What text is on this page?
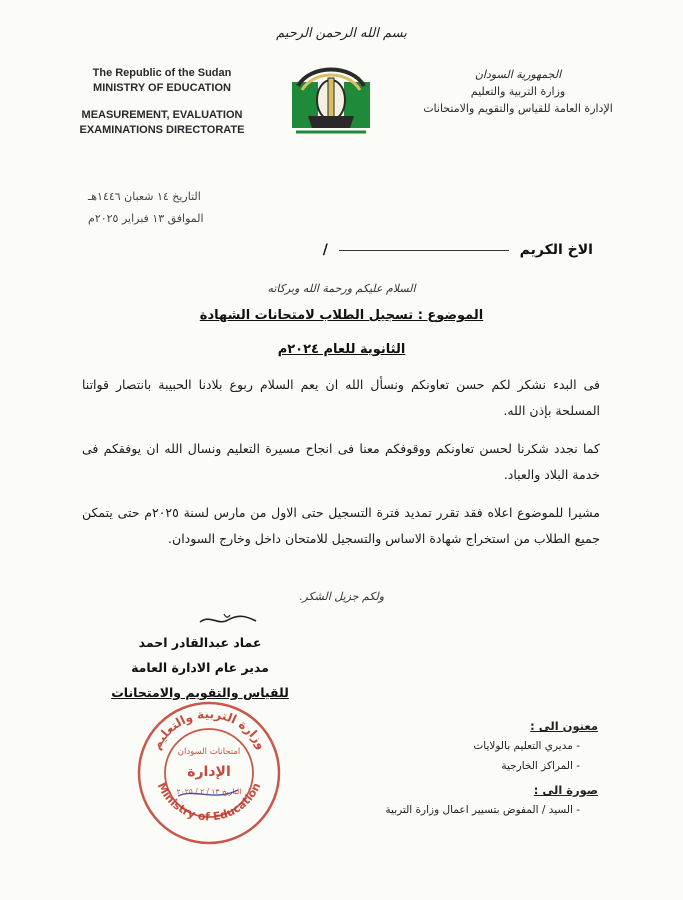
بسم الله الرحمن الرحيم
The Republic of the Sudan
MINISTRY OF EDUCATION
MEASUREMENT, EVALUATION
EXAMINATIONS DIRECTORATE
الجمهورية السودان
وزارة التربية والتعليم
الإدارة العامة للقياس والتقويم والامتحانات
التاريخ ١٤ شعبان ١٤٤٦هـ
الموافق ١٣ فبراير ٢٠٢٥م
الاخ الكريم  /
السلام عليكم ورحمة الله وبركاته
الموضوع : تسجيل الطلاب لامتحانات الشهادة
الثانوية للعام ٢٠٢٤م
فى البدء نشكر لكم حسن تعاونكم ونسأل الله ان يعم السلام ربوع بلادنا الحبيبة بانتصار قواتنا المسلحة بإذن الله.
كما نجدد شكرنا لحسن تعاونكم ووقوفكم معنا فى انجاح مسيرة التعليم ونسال الله ان يوفقكم فى خدمة البلاد والعباد.
مشيرا للموضوع اعلاه فقد تقرر تمديد فترة التسجيل حتى الاول من مارس لسنة ٢٠٢٥م حتى يتمكن جميع الطلاب من استخراج شهادة الاساس والتسجيل للامتحان داخل وخارج السودان.
ولكم جزيل الشكر.
عماد عبدالقادر احمد
مدير عام الادارة العامة
للقياس والتقويم والامتحانات
وزارة التربية والتعليم
Ministry of Education
امتحانات السودان
الإدارة
التاريخ ١٣ / ٢ / ٢٠٢٥
معنون الى :
- مديري التعليم بالولايات
- المراكز الخارجية
صورة الى :
- السيد / المفوض بتسيير اعمال وزارة التربية
